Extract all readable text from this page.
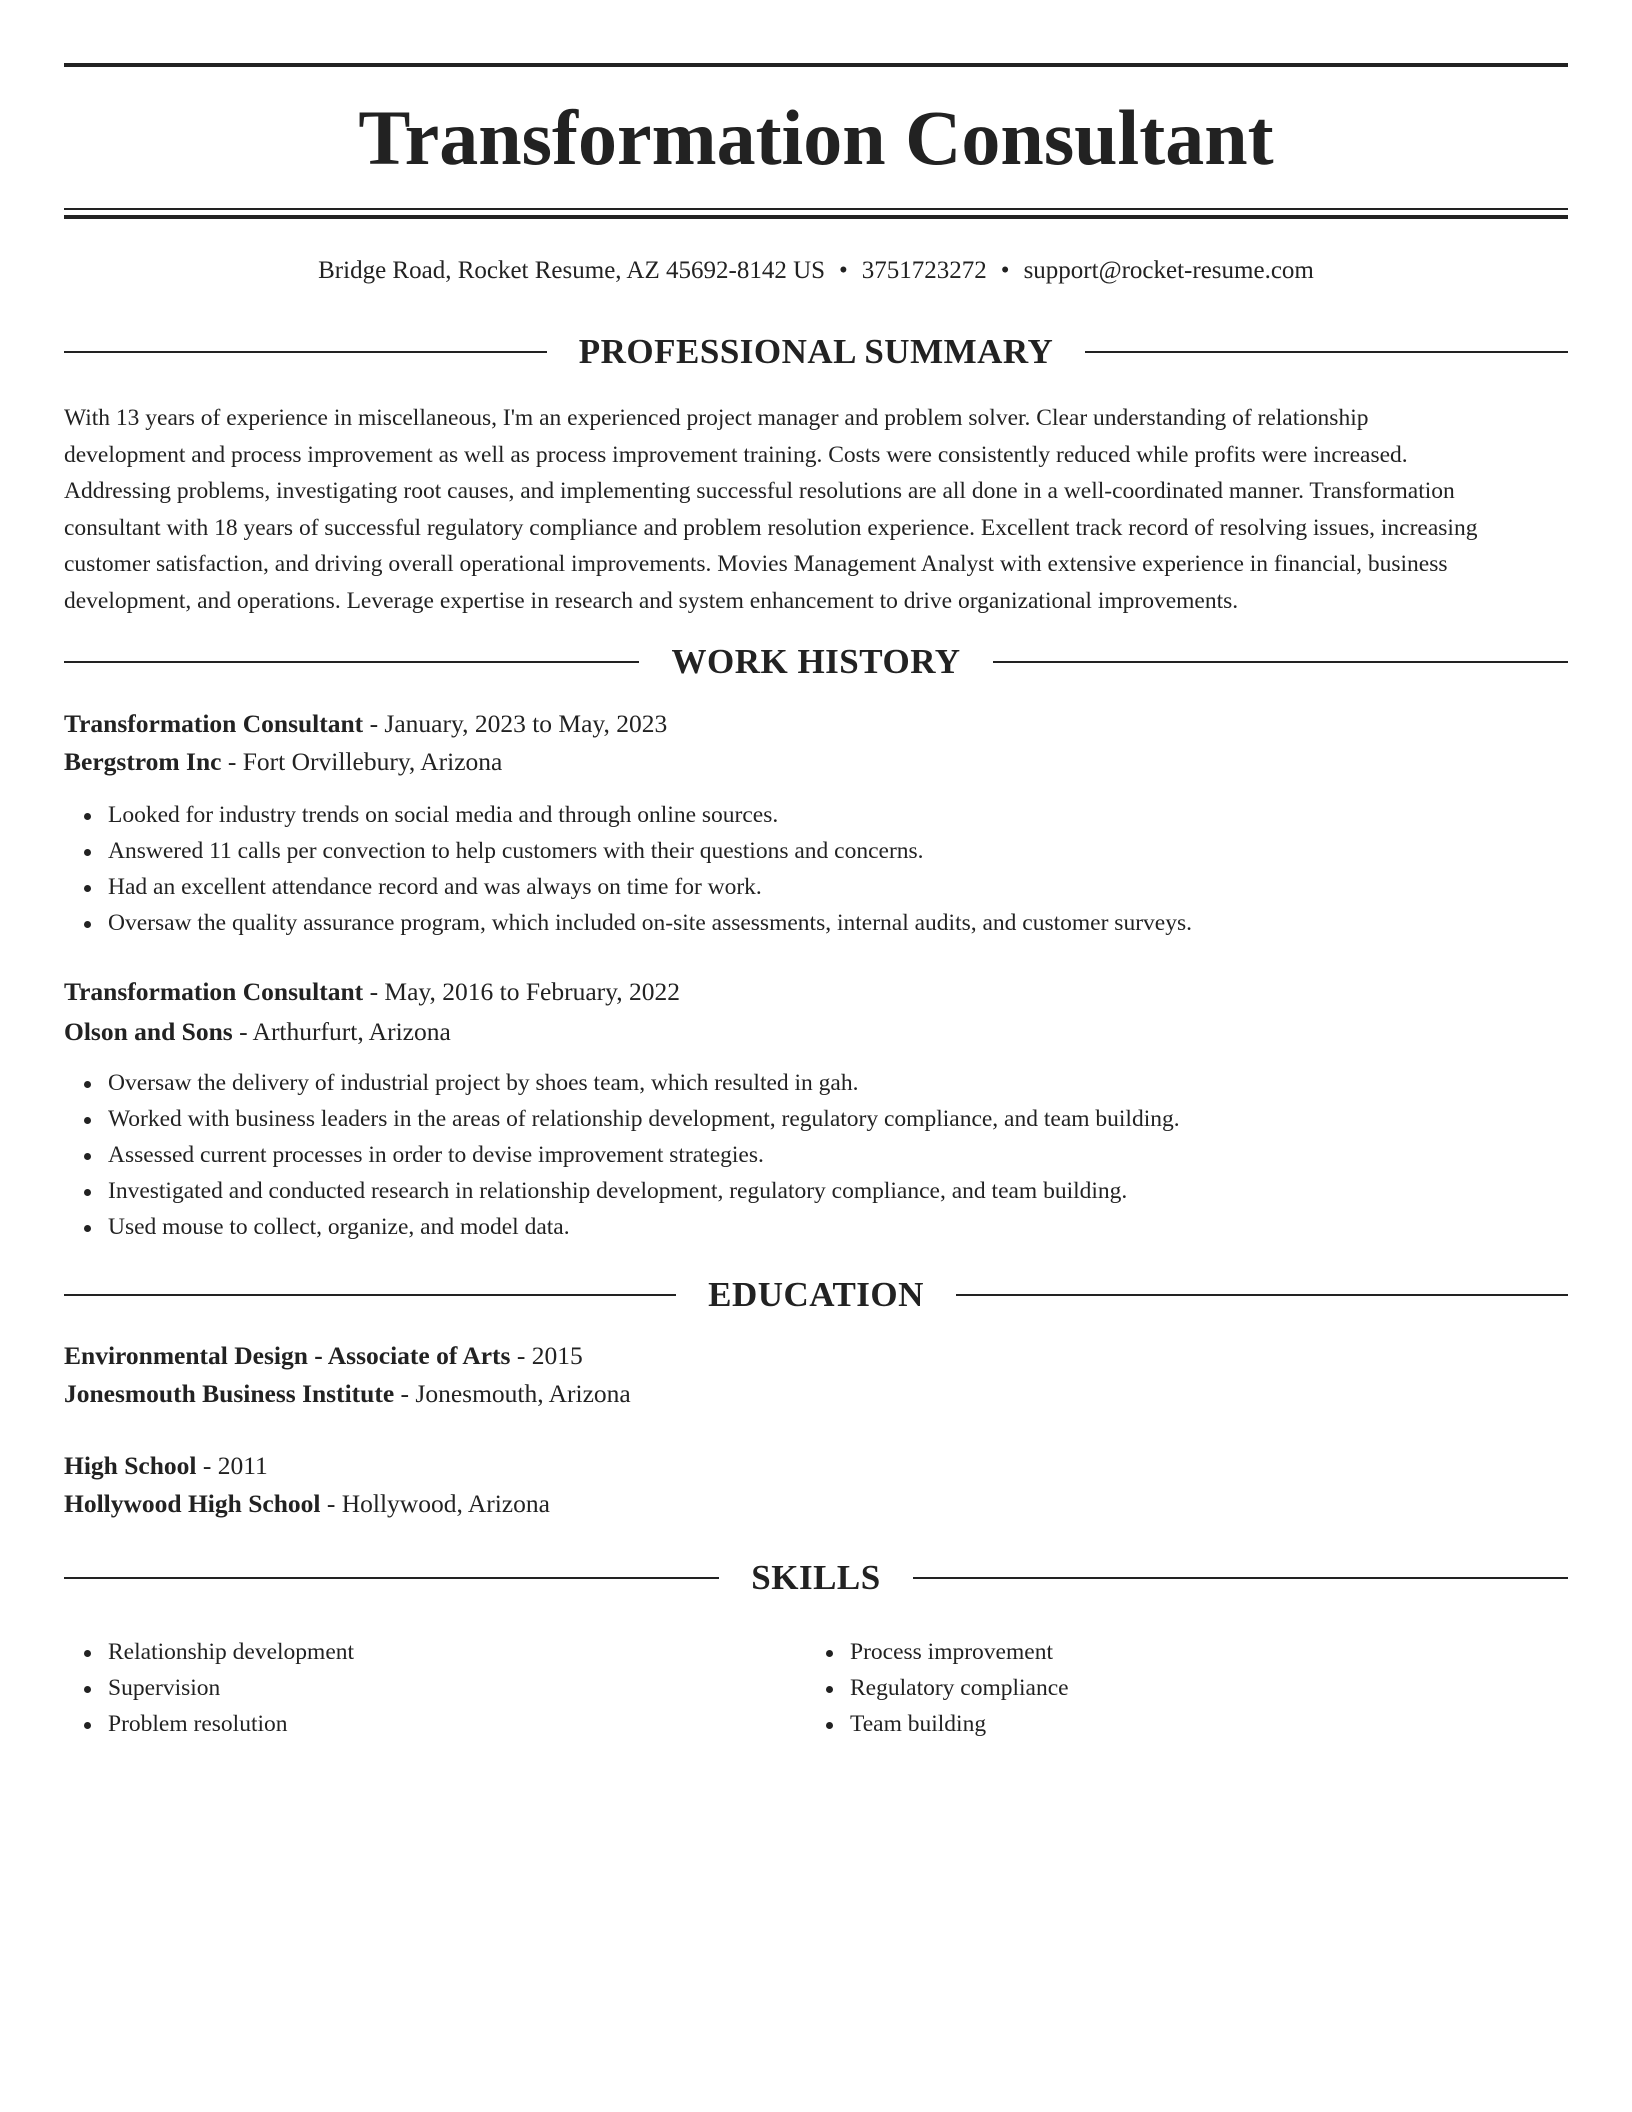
Transformation Consultant
Bridge Road, Rocket Resume, AZ 45692-8142 US • 3751723272 • support@rocket-resume.com
PROFESSIONAL SUMMARY
With 13 years of experience in miscellaneous, I'm an experienced project manager and problem solver. Clear understanding of relationship
development and process improvement as well as process improvement training. Costs were consistently reduced while profits were increased.
Addressing problems, investigating root causes, and implementing successful resolutions are all done in a well-coordinated manner. Transformation
consultant with 18 years of successful regulatory compliance and problem resolution experience. Excellent track record of resolving issues, increasing
customer satisfaction, and driving overall operational improvements. Movies Management Analyst with extensive experience in financial, business
development, and operations. Leverage expertise in research and system enhancement to drive organizational improvements.
WORK HISTORY
Transformation Consultant - January, 2023 to May, 2023
Bergstrom Inc - Fort Orvillebury, Arizona
Looked for industry trends on social media and through online sources.
Answered 11 calls per convection to help customers with their questions and concerns.
Had an excellent attendance record and was always on time for work.
Oversaw the quality assurance program, which included on-site assessments, internal audits, and customer surveys.
Transformation Consultant - May, 2016 to February, 2022
Olson and Sons - Arthurfurt, Arizona
Oversaw the delivery of industrial project by shoes team, which resulted in gah.
Worked with business leaders in the areas of relationship development, regulatory compliance, and team building.
Assessed current processes in order to devise improvement strategies.
Investigated and conducted research in relationship development, regulatory compliance, and team building.
Used mouse to collect, organize, and model data.
EDUCATION
Environmental Design - Associate of Arts - 2015
Jonesmouth Business Institute - Jonesmouth, Arizona
High School - 2011
Hollywood High School - Hollywood, Arizona
SKILLS
Relationship development
Supervision
Problem resolution
Process improvement
Regulatory compliance
Team building
